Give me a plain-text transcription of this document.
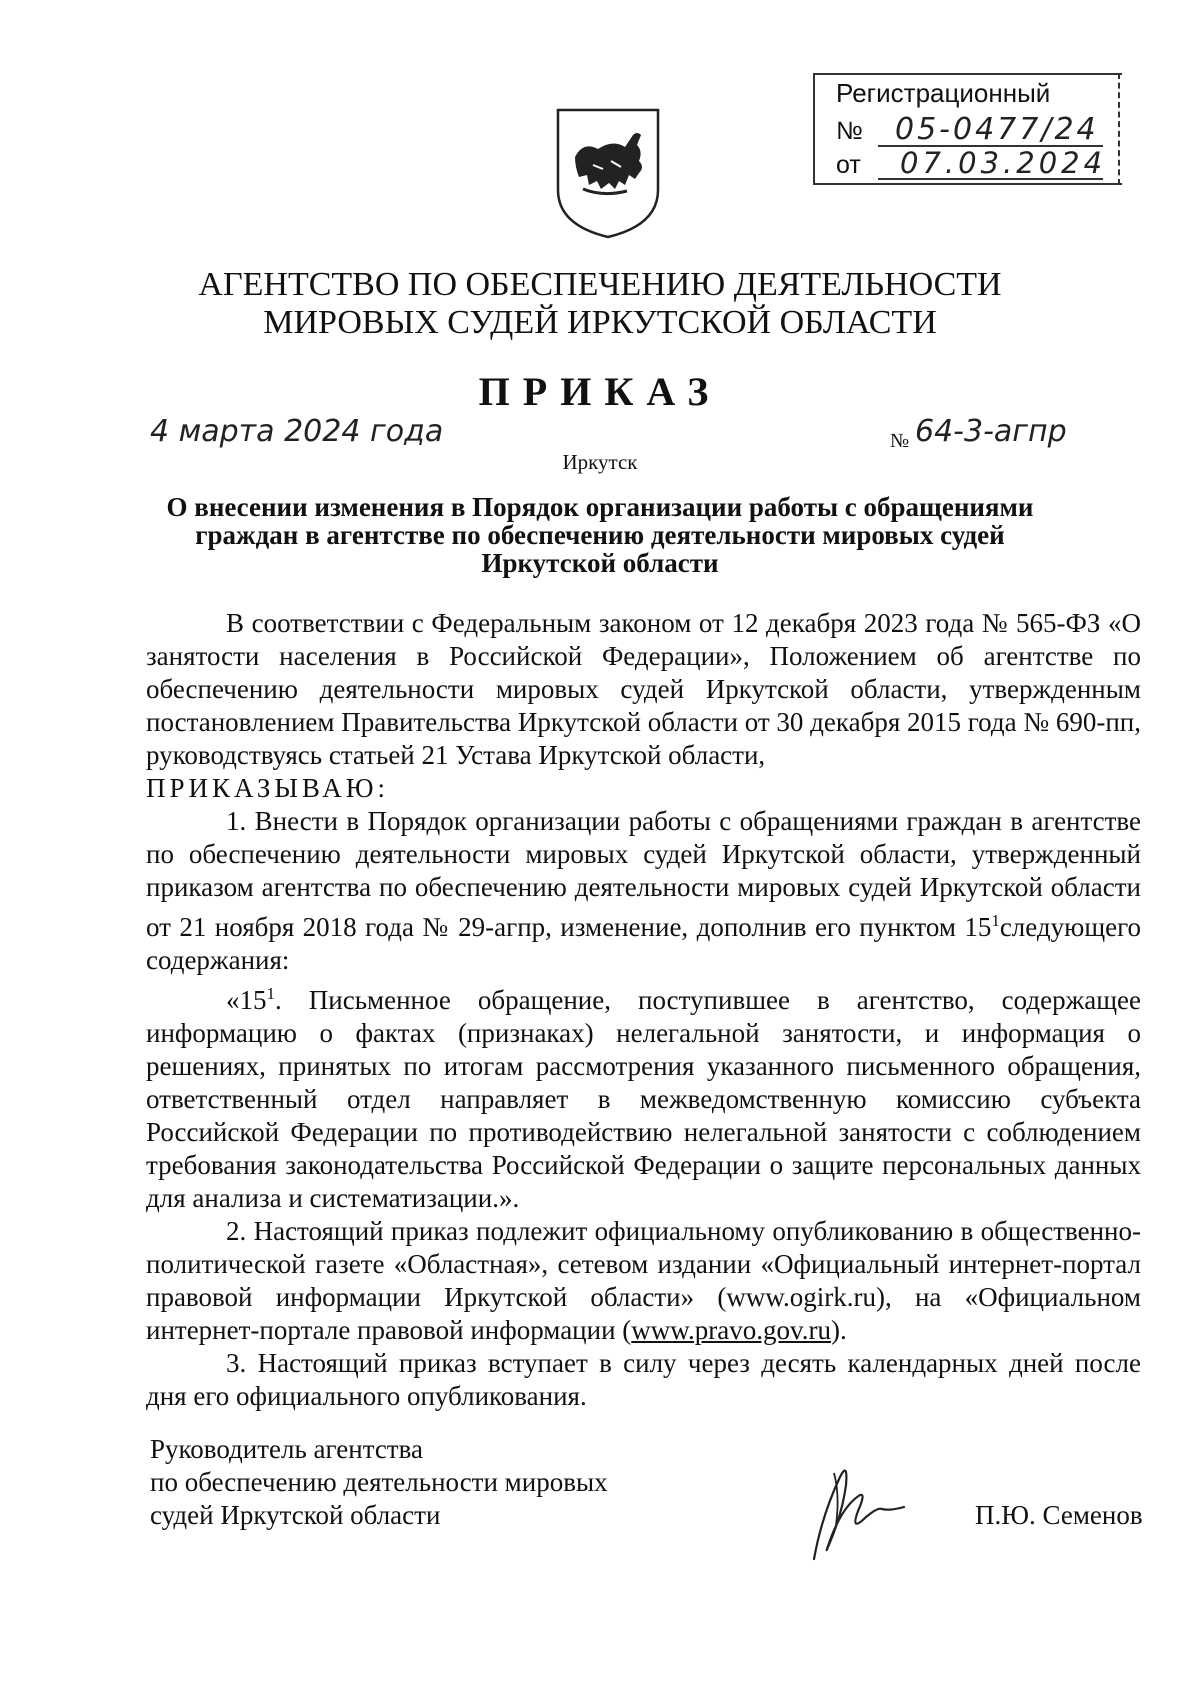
Регистрационный
№ 05-0477/24
от 07.03.2024
АГЕНТСТВО ПО ОБЕСПЕЧЕНИЮ ДЕЯТЕЛЬНОСТИ
МИРОВЫХ СУДЕЙ ИРКУТСКОЙ ОБЛАСТИ
ПРИКАЗ
4 марта 2024 года	№ 64-3-агпр
Иркутск
О внесении изменения в Порядок организации работы с обращениями
граждан в агентстве по обеспечению деятельности мировых судей
Иркутской области

В соответствии с Федеральным законом от 12 декабря 2023 года № 565-ФЗ «О занятости населения в Российской Федерации», Положением об агентстве по обеспечению деятельности мировых судей Иркутской области, утвержденным постановлением Правительства Иркутской области от 30 декабря 2015 года № 690-пп, руководствуясь статьей 21 Устава Иркутской области,

ПРИКАЗЫВАЮ:

1. Внести в Порядок организации работы с обращениями граждан в агентстве по обеспечению деятельности мировых судей Иркутской области, утвержденный приказом агентства по обеспечению деятельности мировых судей Иркутской области от 21 ноября 2018 года № 29-агпр, изменение, дополнив его пунктом $15^1следующего$ содержания:

«$15^1$. Письменное обращение, поступившее в агентство, содержащее информацию о фактах (признаках) нелегальной занятости, и информация о решениях, принятых по итогам рассмотрения указанного письменного обращения, ответственный отдел направляет в межведомственную комиссию субъекта Российской Федерации по противодействию нелегальной занятости с соблюдением требования законодательства Российской Федерации о защите персональных данных для анализа и систематизации.».

2. Настоящий приказ подлежит официальному опубликованию в общественно-политической газете «Областная», сетевом издании «Официальный интернет-портал правовой информации Иркутской области» (www.ogirk.ru), на «Официальном интернет-портале правовой информации (www.pravo.gov.ru).

3. Настоящий приказ вступает в силу через десять календарных дней после дня его официального опубликования.

Руководитель агентства
по обеспечению деятельности мировых
судей Иркутской области	П.Ю. Семенов
